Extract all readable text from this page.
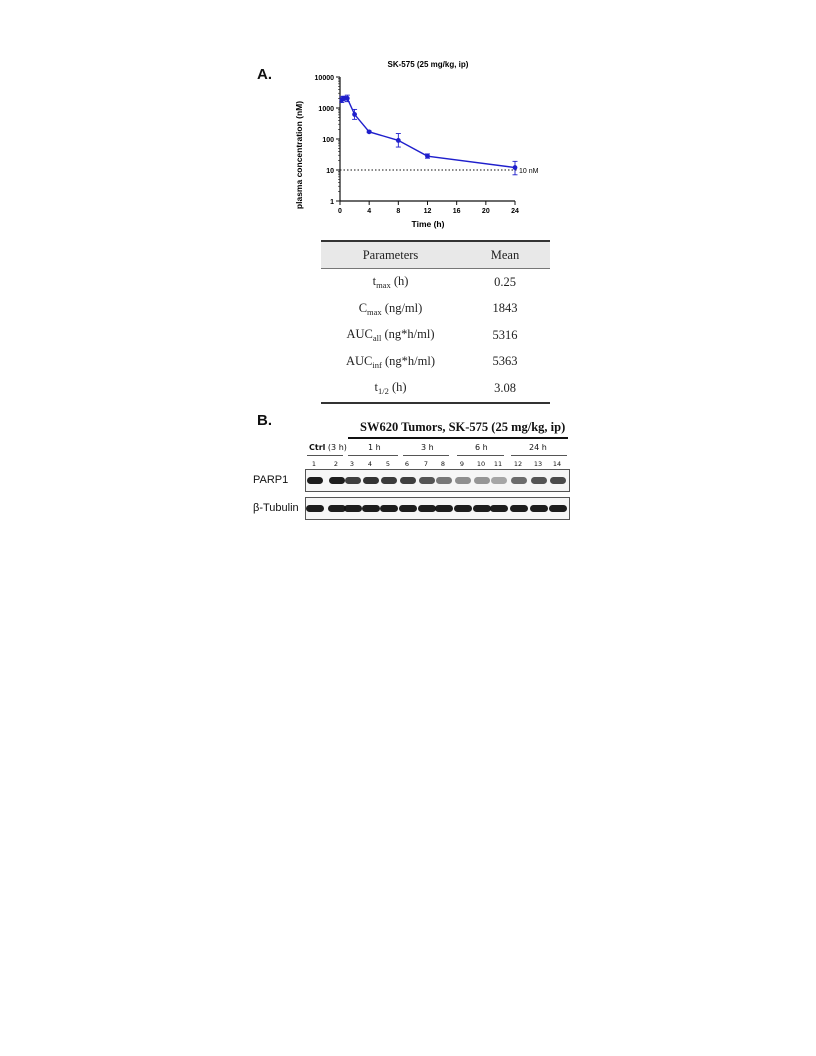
A.
SK-575 (25 mg/kg, ip)
1
10
100
1000
10000
0	4	8	12	16	20	24
10 nM
plasma concentration (nM)
Time (h)
Parameters	Mean
$t_{max}$ (h)	0.25
$C_{max}$ (ng/ml)	1843
$AUC_{all}$ (ng*h/ml)	5316
$AUC_{inf}$ (ng*h/ml)	5363
$t_{1/2}$ (h)	3.08
B.	SW620 Tumors, SK-575 (25 mg/kg, ip)
Ctrl (3 h)	1 h	3 h	6 h	24 h
1	2	3	4	5	6	7	8	9	10 11 12 13 14
PARP1
β-Tubulin
